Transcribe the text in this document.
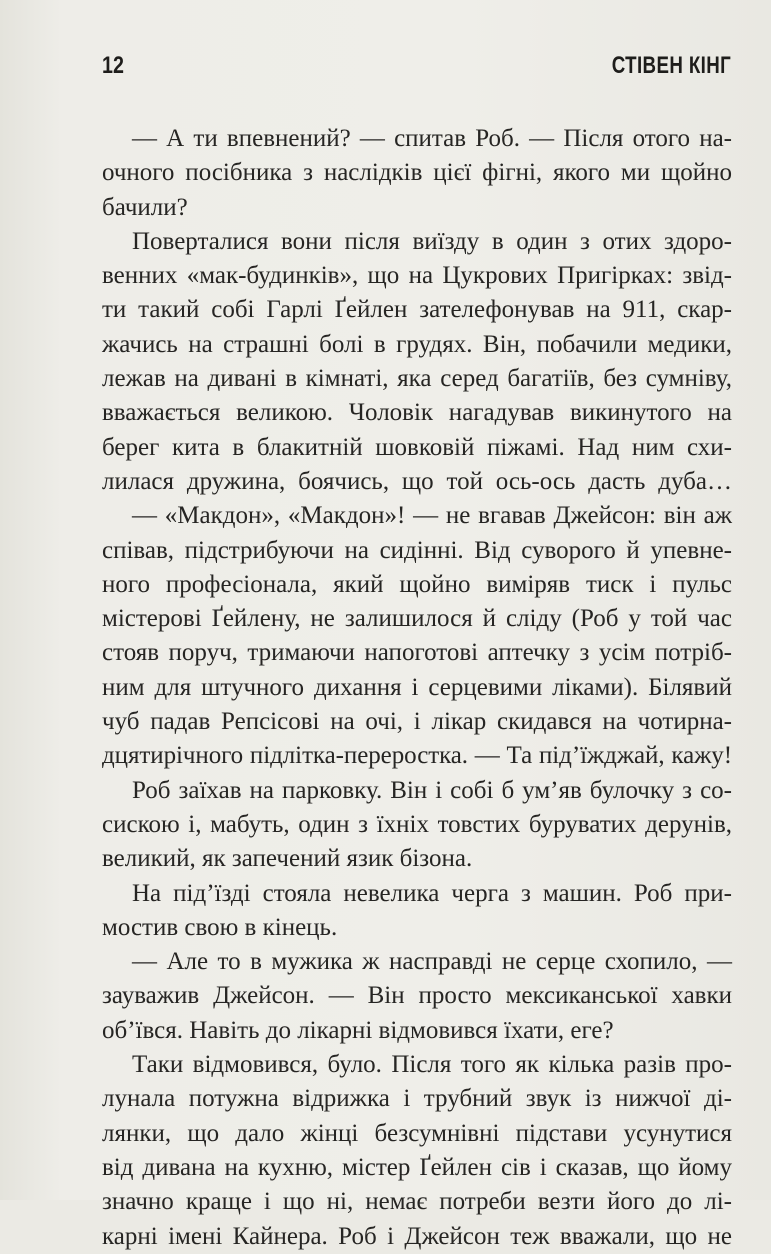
12	СТІВЕН КІНГ

— А ти впевнений? — спитав Роб. — Після отого на-
очного посібника з наслідків цієї фігні, якого ми щойно
бачили?

Поверталися вони після виїзду в один з отих здоро-
венних «мак-будинків», що на Цукрових Пригірках: звід-
ти такий собі Гарлі Ґейлен зателефонував на 911, скар-
жачись на страшні болі в грудях. Він, побачили медики,
лежав на дивані в кімнаті, яка серед багатіїв, без сумніву,
вважається великою. Чоловік нагадував викинутого на
берег кита в блакитній шовковій піжамі. Над ним схи-
лилася дружина, боячись, що той ось-ось дасть дуба…

— «Макдон», «Макдон»! — не вгавав Джейсон: він аж
співав, підстрибуючи на сидінні. Від суворого й упевне-
ного професіонала, який щойно виміряв тиск і пульс
містерові Ґейлену, не залишилося й сліду (Роб у той час
стояв поруч, тримаючи напоготові аптечку з усім потріб-
ним для штучного дихання і серцевими ліками). Білявий
чуб падав Репсісові на очі, і лікар скидався на чотирна-
дцятирічного підлітка-переростка. — Та під’їжджай, кажу!

Роб заїхав на парковку. Він і собі б ум’яв булочку з со-
сискою і, мабуть, один з їхніх товстих буруватих дерунів,
великий, як запечений язик бізона.

На під’їзді стояла невелика черга з машин. Роб при-
мостив свою в кінець.

— Але то в мужика ж насправді не серце схопило, —
зауважив Джейсон. — Він просто мексиканської хавки
об’ївся. Навіть до лікарні відмовився їхати, еге?

Таки відмовився, було. Після того як кілька разів про-
лунала потужна відрижка і трубний звук із нижчої ді-
лянки, що дало жінці безсумнівні підстави усунутися
від дивана на кухню, містер Ґейлен сів і сказав, що йому
значно краще і що ні, немає потреби везти його до лі-
карні імені Кайнера. Роб і Джейсон теж вважали, що не
